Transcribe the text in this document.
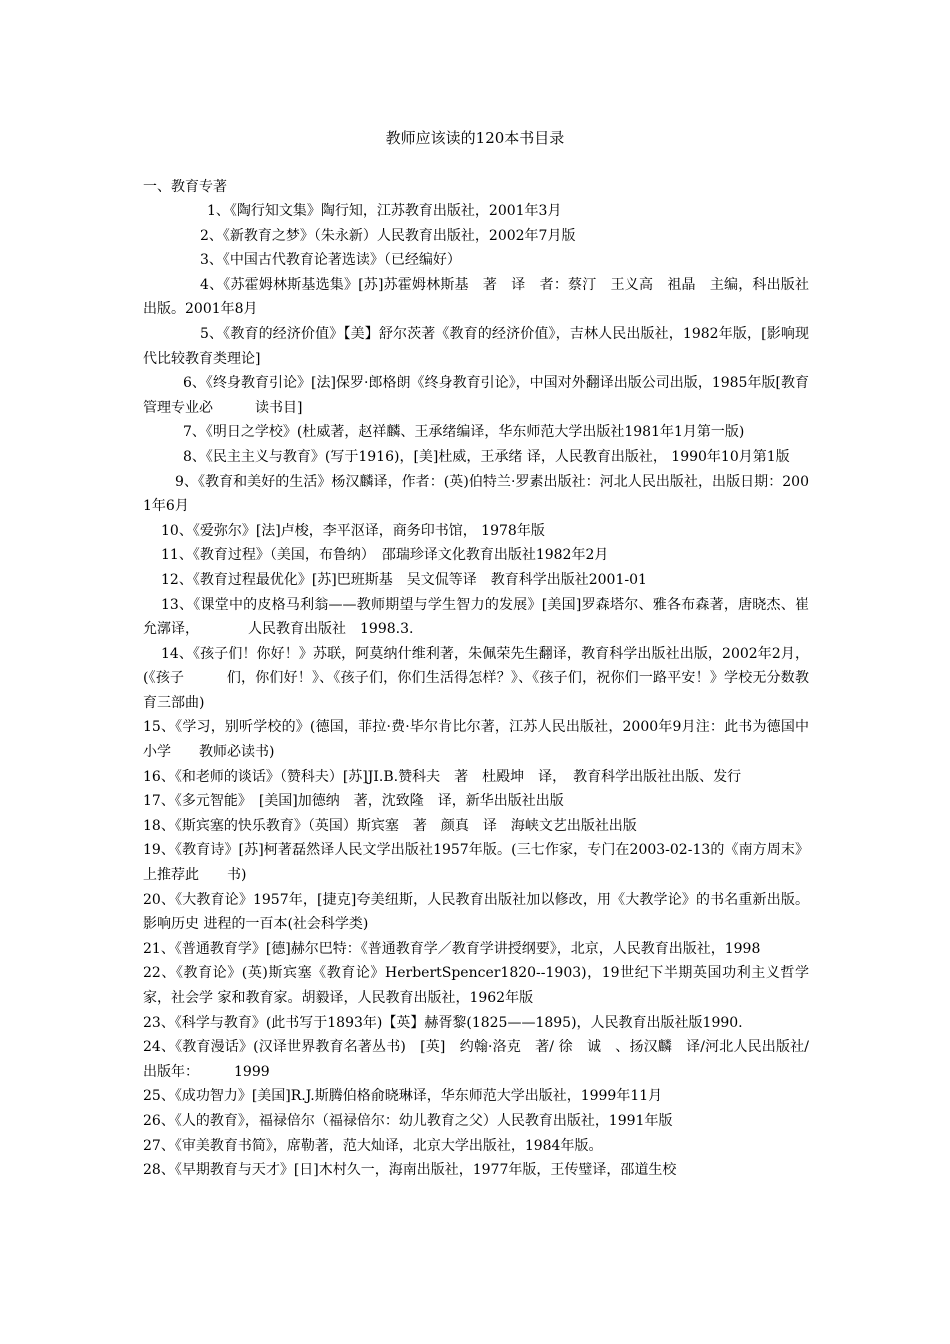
教师应该读的120本书目录
一、教育专著
1、《陶行知文集》陶行知，江苏教育出版社，2001年3月
2、《新教育之梦》（朱永新）人民教育出版社，2002年7月版
3、《中国古代教育论著选读》（已经编好）
4、《苏霍姆林斯基选集》[苏]苏霍姆林斯基　著　译　者：蔡汀　王义高　祖晶　主编，科出版社出版。2001年8月
5、《教育的经济价值》【美】舒尔茨著《教育的经济价值》，吉林人民出版社，1982年版，[影响现代比较教育类理论]
6、《终身教育引论》[法]保罗·郎格朗《终身教育引论》，中国对外翻译出版公司出版，1985年版[教育管理专业必　　　读书目]
7、《明日之学校》(杜威著，赵祥麟、王承绪编译，华东师范大学出版社1981年1月第一版)
8、《民主主义与教育》(写于1916)，[美]杜威，王承绪 译，人民教育出版社， 1990年10月第1版
9、《教育和美好的生活》杨汉麟译，作者：(英)伯特兰·罗素出版社：河北人民出版社，出版日期：2001年6月
10、《爱弥尔》[法]卢梭，李平沤译，商务印书馆， 1978年版
11、《教育过程》（美国，布鲁纳）　邵瑞珍译文化教育出版社1982年2月
12、《教育过程最优化》[苏]巴班斯基　吴文侃等译　教育科学出版社2001-01
13、《课堂中的皮格马利翁——教师期望与学生智力的发展》[美国]罗森塔尔、雅各布森著，唐晓杰、崔允漷译，　　　　人民教育出版社　1998.3.
14、《孩子们！你好！》苏联，阿莫纳什维利著，朱佩荣先生翻译，教育科学出版社出版，2002年2月，(《孩子　　　们，你们好！》、《孩子们，你们生活得怎样？》、《孩子们，祝你们一路平安！》学校无分数教育三部曲)
15、《学习，别听学校的》(德国，菲拉·费·毕尔肯比尔著，江苏人民出版社，2000年9月注：此书为德国中小学　　教师必读书)
16、《和老师的谈话》（赞科夫）[苏]JI.B.赞科夫　著　杜殿坤　译，　教育科学出版社出版、发行
17、《多元智能》　[美国]加德纳　著，沈致隆　译，新华出版社出版
18、《斯宾塞的快乐教育》（英国）斯宾塞　著　颜真　译　海峡文艺出版社出版
19、《教育诗》[苏]柯著磊然译人民文学出版社1957年版。(三七作家，专门在2003-02-13的《南方周末》上推荐此　　书)
20、《大教育论》1957年，[捷克]夸美纽斯，人民教育出版社加以修改，用《大教学论》的书名重新出版。影响历史 进程的一百本(社会科学类)
21、《普通教育学》[德]赫尔巴特：《普通教育学／教育学讲授纲要》，北京，人民教育出版社，1998
22、《教育论》(英)斯宾塞《教育论》HerbertSpencer1820--1903)，19世纪下半期英国功利主义哲学家，社会学 家和教育家。胡毅译，人民教育出版社，1962年版
23、《科学与教育》(此书写于1893年)【英】赫胥黎(1825——1895)，人民教育出版社版1990.
24、《教育漫话》(汉译世界教育名著丛书)　[英]　约翰·洛克　著/ 徐　诚　、扬汉麟　译/河北人民出版社/出版年：　　　1999
25、《成功智力》[美国]R.J.斯腾伯格俞晓琳译，华东师范大学出版社，1999年11月
26、《人的教育》，福禄倍尔（福禄倍尔：幼儿教育之父）人民教育出版社，1991年版
27、《审美教育书简》，席勒著，范大灿译，北京大学出版社，1984年版。
28、《早期教育与天才》[日]木村久一，海南出版社，1977年版，王传璧译，邵道生校
